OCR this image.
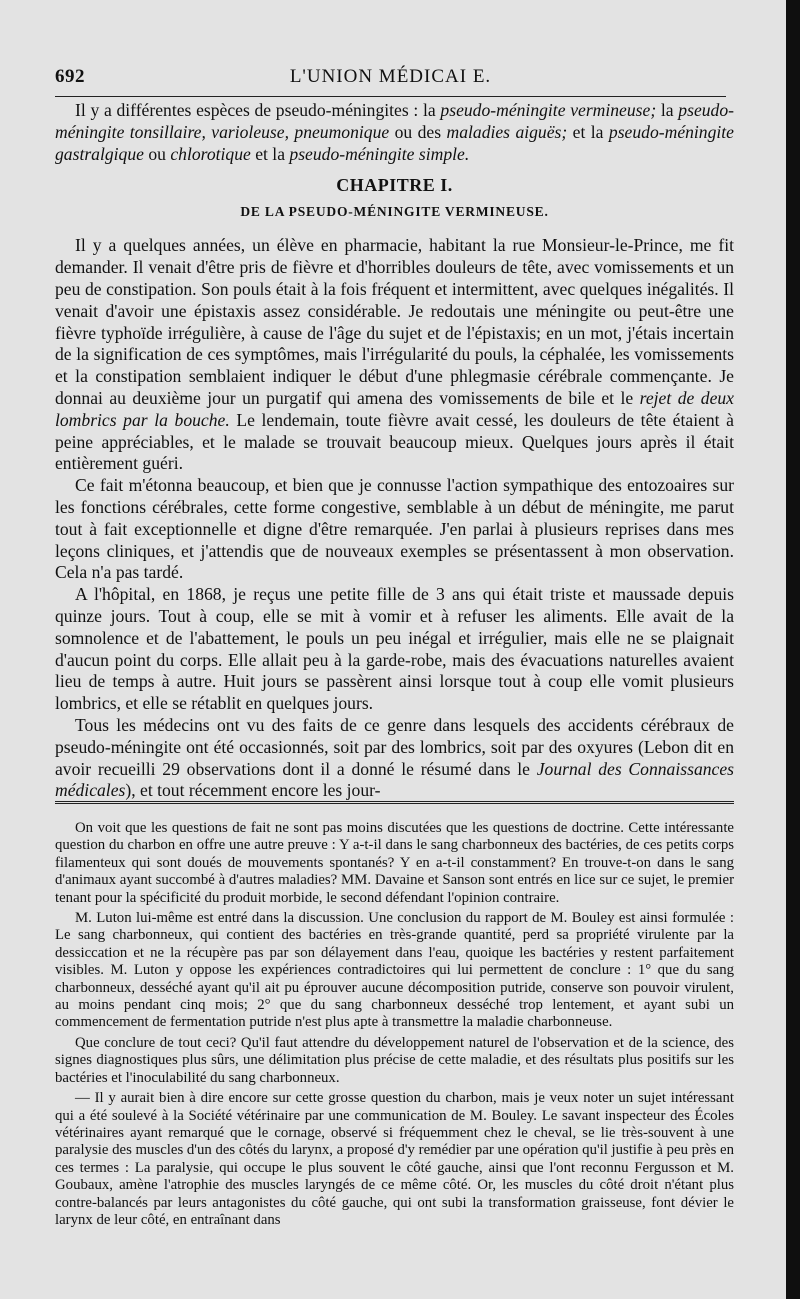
692	L'UNION MÉDICAI E.

Il y a différentes espèces de pseudo-méningites : la pseudo-méningite vermineuse; la pseudo-méningite tonsillaire, varioleuse, pneumonique ou des maladies aiguës; et la pseudo-méningite gastralgique ou chlorotique et la pseudo-méningite simple.

CHAPITRE I.
DE LA PSEUDO-MÉNINGITE VERMINEUSE.

Il y a quelques années, un élève en pharmacie, habitant la rue Monsieur-le-Prince, me fit demander. Il venait d'être pris de fièvre et d'horribles douleurs de tête, avec vomissements et un peu de constipation. Son pouls était à la fois fréquent et intermittent, avec quelques inégalités. Il venait d'avoir une épistaxis assez considérable. Je redoutais une méningite ou peut-être une fièvre typhoïde irrégulière, à cause de l'âge du sujet et de l'épistaxis; en un mot, j'étais incertain de la signification de ces symptômes, mais l'irrégularité du pouls, la céphalée, les vomissements et la constipation semblaient indiquer le début d'une phlegmasie cérébrale commençante. Je donnai au deuxième jour un purgatif qui amena des vomissements de bile et le rejet de deux lombrics par la bouche. Le lendemain, toute fièvre avait cessé, les douleurs de tête étaient à peine appréciables, et le malade se trouvait beaucoup mieux. Quelques jours après il était entièrement guéri.

Ce fait m'étonna beaucoup, et bien que je connusse l'action sympathique des entozoaires sur les fonctions cérébrales, cette forme congestive, semblable à un début de méningite, me parut tout à fait exceptionnelle et digne d'être remarquée. J'en parlai à plusieurs reprises dans mes leçons cliniques, et j'attendis que de nouveaux exemples se présentassent à mon observation. Cela n'a pas tardé.

A l'hôpital, en 1868, je reçus une petite fille de 3 ans qui était triste et maussade depuis quinze jours. Tout à coup, elle se mit à vomir et à refuser les aliments. Elle avait de la somnolence et de l'abattement, le pouls un peu inégal et irrégulier, mais elle ne se plaignait d'aucun point du corps. Elle allait peu à la garde-robe, mais des évacuations naturelles avaient lieu de temps à autre. Huit jours se passèrent ainsi lorsque tout à coup elle vomit plusieurs lombrics, et elle se rétablit en quelques jours.

Tous les médecins ont vu des faits de ce genre dans lesquels des accidents cérébraux de pseudo-méningite ont été occasionnés, soit par des lombrics, soit par des oxyures (Lebon dit en avoir recueilli 29 observations dont il a donné le résumé dans le Journal des Connaissances médicales), et tout récemment encore les jour-

On voit que les questions de fait ne sont pas moins discutées que les questions de doctrine. Cette intéressante question du charbon en offre une autre preuve : Y a-t-il dans le sang charbonneux des bactéries, de ces petits corps filamenteux qui sont doués de mouvements spontanés? Y en a-t-il constamment? En trouve-t-on dans le sang d'animaux ayant succombé à d'autres maladies? MM. Davaine et Sanson sont entrés en lice sur ce sujet, le premier tenant pour la spécificité du produit morbide, le second défendant l'opinion contraire.

M. Luton lui-même est entré dans la discussion. Une conclusion du rapport de M. Bouley est ainsi formulée : Le sang charbonneux, qui contient des bactéries en très-grande quantité, perd sa propriété virulente par la dessiccation et ne la récupère pas par son délayement dans l'eau, quoique les bactéries y restent parfaitement visibles. M. Luton y oppose les expériences contradictoires qui lui permettent de conclure : 1° que du sang charbonneux, desséché ayant qu'il ait pu éprouver aucune décomposition putride, conserve son pouvoir virulent, au moins pendant cinq mois; 2° que du sang charbonneux desséché trop lentement, et ayant subi un commencement de fermentation putride n'est plus apte à transmettre la maladie charbonneuse.

Que conclure de tout ceci? Qu'il faut attendre du développement naturel de l'observation et de la science, des signes diagnostiques plus sûrs, une délimitation plus précise de cette maladie, et des résultats plus positifs sur les bactéries et l'inoculabilité du sang charbonneux.

— Il y aurait bien à dire encore sur cette grosse question du charbon, mais je veux noter un sujet intéressant qui a été soulevé à la Société vétérinaire par une communication de M. Bouley. Le savant inspecteur des Écoles vétérinaires ayant remarqué que le cornage, observé si fréquemment chez le cheval, se lie très-souvent à une paralysie des muscles d'un des côtés du larynx, a proposé d'y remédier par une opération qu'il justifie à peu près en ces termes : La paralysie, qui occupe le plus souvent le côté gauche, ainsi que l'ont reconnu Fergusson et M. Goubaux, amène l'atrophie des muscles laryngés de ce même côté. Or, les muscles du côté droit n'étant plus contre-balancés par leurs antagonistes du côté gauche, qui ont subi la transformation graisseuse, font dévier le larynx de leur côté, en entraînant dans
